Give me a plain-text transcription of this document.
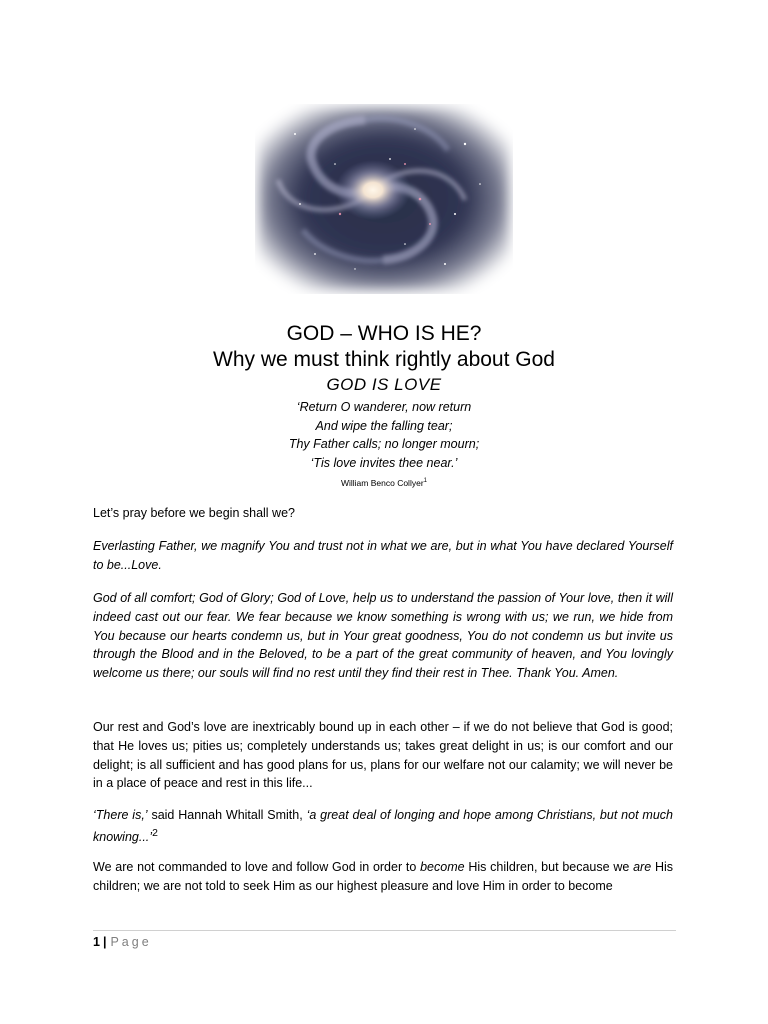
GOD – WHO IS HE?
Why we must think rightly about God
GOD IS LOVE
‘Return O wanderer, now return
And wipe the falling tear;
Thy Father calls; no longer mourn;
‘Tis love invites thee near.’
William Benco Collyer$^1$
Let’s pray before we begin shall we?
Everlasting Father, we magnify You and trust not in what we are, but in what You have declared Yourself to be...Love.
God of all comfort; God of Glory; God of Love, help us to understand the passion of Your love, then it will indeed cast out our fear. We fear because we know something is wrong with us; we run, we hide from You because our hearts condemn us, but in Your great goodness, You do not condemn us but invite us through the Blood and in the Beloved, to be a part of the great community of heaven, and You lovingly welcome us there; our souls will find no rest until they find their rest in Thee. Thank You. Amen.
Our rest and God’s love are inextricably bound up in each other – if we do not believe that God is good; that He loves us; pities us; completely understands us; takes great delight in us; is our comfort and our delight; is all sufficient and has good plans for us, plans for our welfare not our calamity; we will never be in a place of peace and rest in this life...
‘There is,’ said Hannah Whitall Smith, ‘a great deal of longing and hope among Christians, but not much knowing...’$^2$
We are not commanded to love and follow God in order to become His children, but because we are His children; we are not told to seek Him as our highest pleasure and love Him in order to become
1 | Page
